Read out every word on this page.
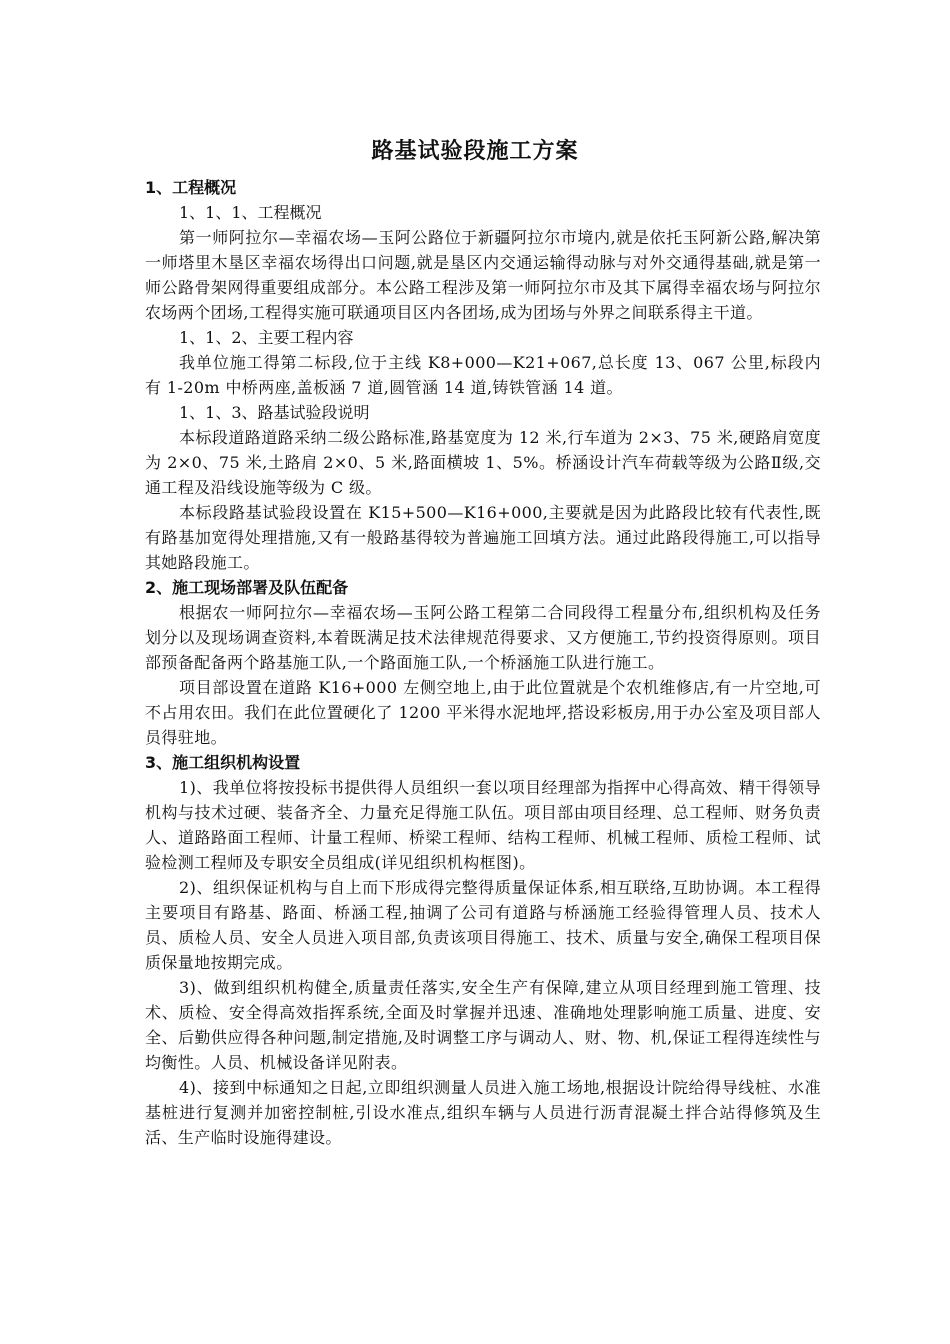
路基试验段施工方案

1、工程概况

1、1、1、工程概况

第一师阿拉尔—幸福农场—玉阿公路位于新疆阿拉尔市境内,就是依托玉阿新公路,解决第一师塔里木垦区幸福农场得出口问题,就是垦区内交通运输得动脉与对外交通得基础,就是第一师公路骨架网得重要组成部分。本公路工程涉及第一师阿拉尔市及其下属得幸福农场与阿拉尔农场两个团场,工程得实施可联通项目区内各团场,成为团场与外界之间联系得主干道。

1、1、2、主要工程内容

我单位施工得第二标段,位于主线 K8+000—K21+067,总长度 13、067 公里,标段内有 1-20m 中桥两座,盖板涵 7 道,圆管涵 14 道,铸铁管涵 14 道。

1、1、3、路基试验段说明

本标段道路道路采纳二级公路标准,路基宽度为 12 米,行车道为 2×3、75 米,硬路肩宽度为 2×0、75 米,土路肩 2×0、5 米,路面横坡 1、5%。桥涵设计汽车荷载等级为公路Ⅱ级,交通工程及沿线设施等级为 C 级。

本标段路基试验段设置在 K15+500—K16+000,主要就是因为此路段比较有代表性,既有路基加宽得处理措施,又有一般路基得较为普遍施工回填方法。通过此路段得施工,可以指导其她路段施工。

2、施工现场部署及队伍配备

根据农一师阿拉尔—幸福农场—玉阿公路工程第二合同段得工程量分布,组织机构及任务划分以及现场调查资料,本着既满足技术法律规范得要求、又方便施工,节约投资得原则。项目部预备配备两个路基施工队,一个路面施工队,一个桥涵施工队进行施工。

项目部设置在道路 K16+000 左侧空地上,由于此位置就是个农机维修店,有一片空地,可不占用农田。我们在此位置硬化了 1200 平米得水泥地坪,搭设彩板房,用于办公室及项目部人员得驻地。

3、施工组织机构设置

1)、我单位将按投标书提供得人员组织一套以项目经理部为指挥中心得高效、精干得领导机构与技术过硬、装备齐全、力量充足得施工队伍。项目部由项目经理、总工程师、财务负责人、道路路面工程师、计量工程师、桥梁工程师、结构工程师、机械工程师、质检工程师、试验检测工程师及专职安全员组成(详见组织机构框图)。

2)、组织保证机构与自上而下形成得完整得质量保证体系,相互联络,互助协调。本工程得主要项目有路基、路面、桥涵工程,抽调了公司有道路与桥涵施工经验得管理人员、技术人员、质检人员、安全人员进入项目部,负责该项目得施工、技术、质量与安全,确保工程项目保质保量地按期完成。

3)、做到组织机构健全,质量责任落实,安全生产有保障,建立从项目经理到施工管理、技术、质检、安全得高效指挥系统,全面及时掌握并迅速、准确地处理影响施工质量、进度、安全、后勤供应得各种问题,制定措施,及时调整工序与调动人、财、物、机,保证工程得连续性与均衡性。人员、机械设备详见附表。

4)、接到中标通知之日起,立即组织测量人员进入施工场地,根据设计院给得导线桩、水准基桩进行复测并加密控制桩,引设水准点,组织车辆与人员进行沥青混凝土拌合站得修筑及生活、生产临时设施得建设。
